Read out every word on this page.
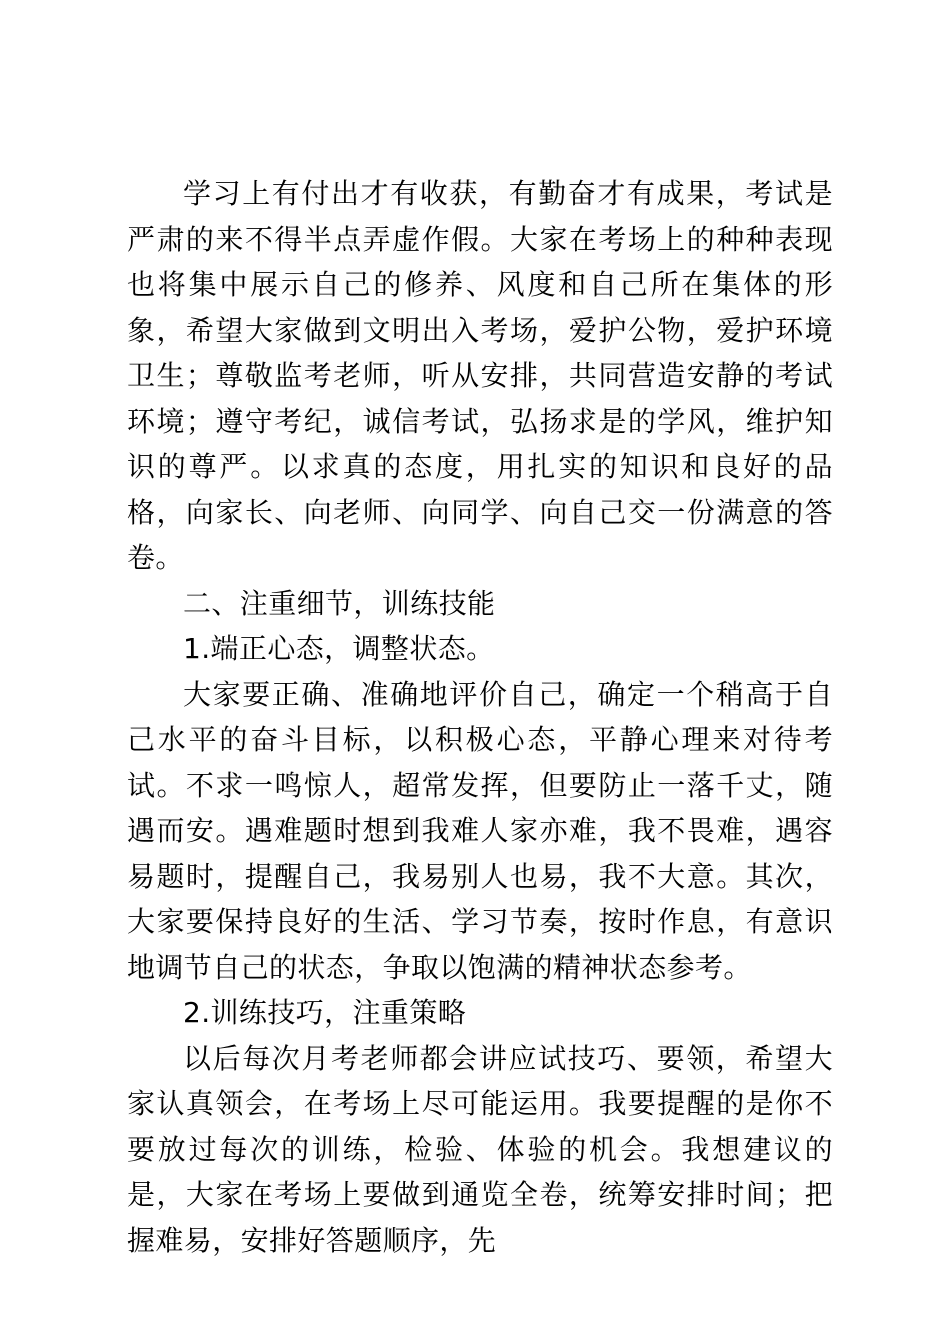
学习上有付出才有收获，有勤奋才有成果，考试是严肃的来不得半点弄虚作假。大家在考场上的种种表现也将集中展示自己的修养、风度和自己所在集体的形象，希望大家做到文明出入考场，爱护公物，爱护环境卫生；尊敬监考老师，听从安排，共同营造安静的考试环境；遵守考纪，诚信考试，弘扬求是的学风，维护知识的尊严。以求真的态度，用扎实的知识和良好的品格，向家长、向老师、向同学、向自己交一份满意的答卷。

二、注重细节，训练技能

1.端正心态，调整状态。

大家要正确、准确地评价自己，确定一个稍高于自己水平的奋斗目标，以积极心态，平静心理来对待考试。不求一鸣惊人，超常发挥，但要防止一落千丈，随遇而安。遇难题时想到我难人家亦难，我不畏难，遇容易题时，提醒自己，我易别人也易，我不大意。其次，大家要保持良好的生活、学习节奏，按时作息，有意识地调节自己的状态，争取以饱满的精神状态参考。

2.训练技巧，注重策略

以后每次月考老师都会讲应试技巧、要领，希望大家认真领会，在考场上尽可能运用。我要提醒的是你不要放过每次的训练，检验、体验的机会。我想建议的是，大家在考场上要做到通览全卷，统筹安排时间；把握难易，安排好答题顺序，先
